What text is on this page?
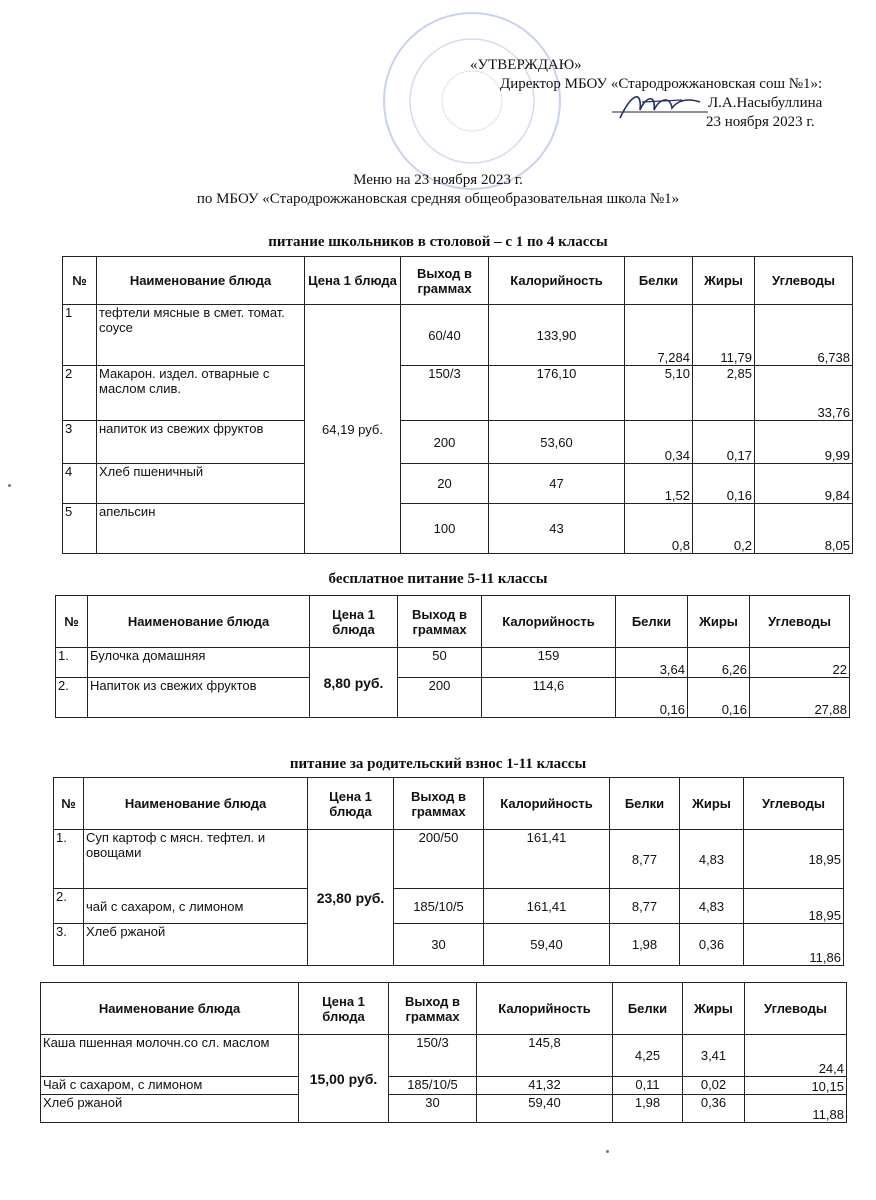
«УТВЕРЖДАЮ»
Директор МБОУ «Стародрожжановская сош №1»:
Л.А.Насыбуллина
23 ноября 2023 г.
Меню на 23 ноября 2023 г.
по МБОУ «Стародрожжановская средняя общеобразовательная школа №1»
питание школьников в столовой – с 1 по 4 классы
№	Наименование блюда	Цена 1 блюда	Выход в граммах	Калорийность	Белки	Жиры	Углеводы
1	тефтели мясные в смет. томат. соусе	64,19 руб.	60/40	133,90	7,284	11,79	6,738
2	Макарон. издел. отварные с маслом слив.		150/3	176,10	5,10	2,85	33,76
3	напиток из свежих фруктов		200	53,60	0,34	0,17	9,99
4	Хлеб пшеничный		20	47	1,52	0,16	9,84
5	апельсин		100	43	0,8	0,2	8,05
бесплатное питание 5-11 классы
№	Наименование блюда	Цена 1 блюда	Выход в граммах	Калорийность	Белки	Жиры	Углеводы
1.	Булочка домашняя	8,80 руб.	50	159	3,64	6,26	22
2.	Напиток из свежих фруктов		200	114,6	0,16	0,16	27,88
питание за родительский взнос 1-11 классы
№	Наименование блюда	Цена 1 блюда	Выход в граммах	Калорийность	Белки	Жиры	Углеводы
1.	Суп картоф с мясн. тефтел. и овощами	23,80 руб.	200/50	161,41	8,77	4,83	18,95
2.	чай с сахаром, с лимоном		185/10/5	161,41	8,77	4,83	18,95
3.	Хлеб ржаной		30	59,40	1,98	0,36	11,86
Наименование блюда	Цена 1 блюда	Выход в граммах	Калорийность	Белки	Жиры	Углеводы
Каша пшенная молочн.со сл. маслом	15,00 руб.	150/3	145,8	4,25	3,41	24,4
Чай с сахаром, с лимоном		185/10/5	41,32	0,11	0,02	10,15
Хлеб ржаной		30	59,40	1,98	0,36	11,88
